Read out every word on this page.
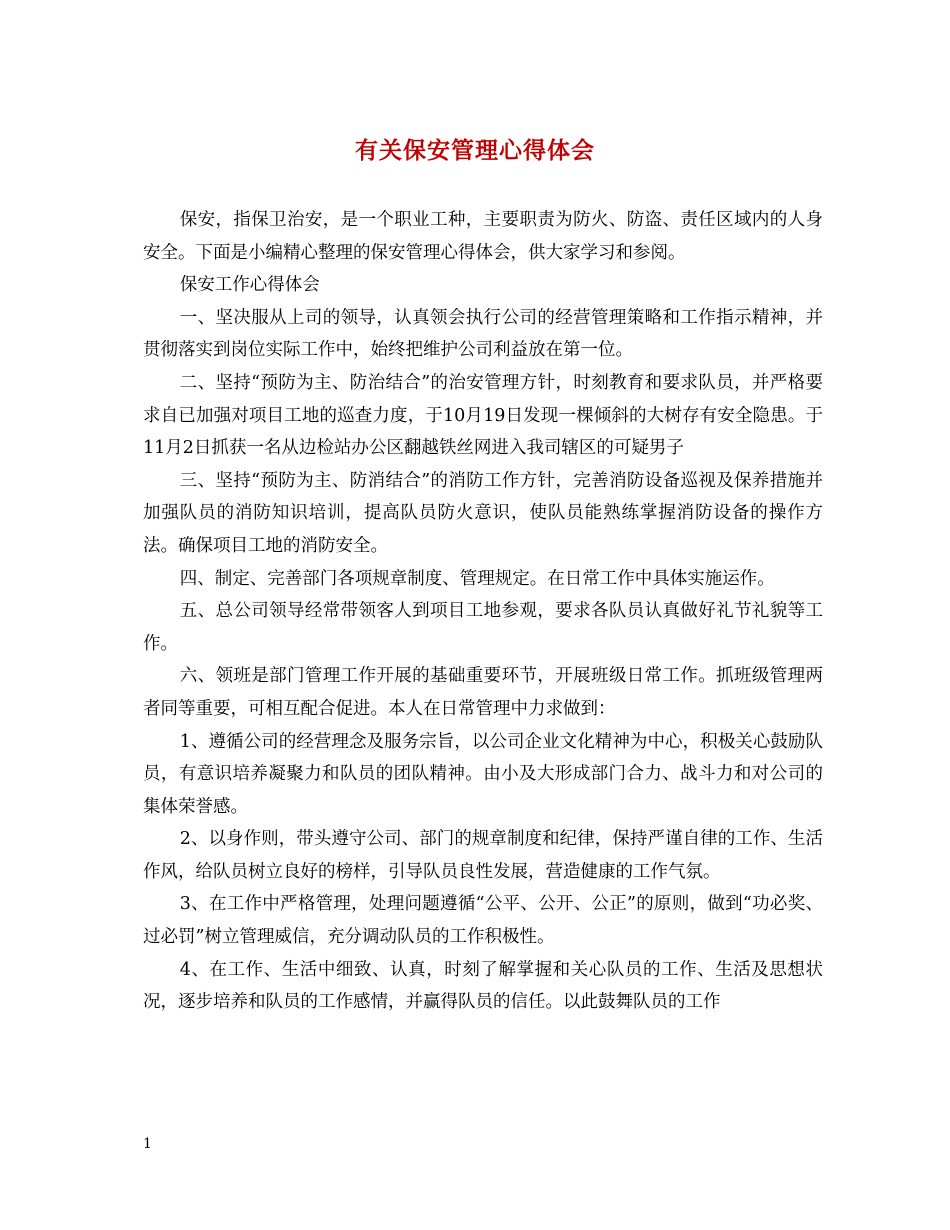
有关保安管理心得体会

保安，指保卫治安，是一个职业工种，主要职责为防火、防盗、责任区域内的人身安全。下面是小编精心整理的保安管理心得体会，供大家学习和参阅。

保安工作心得体会

一、坚决服从上司的领导，认真领会执行公司的经营管理策略和工作指示精神，并贯彻落实到岗位实际工作中，始终把维护公司利益放在第一位。

二、坚持“预防为主、防治结合”的治安管理方针，时刻教育和要求队员，并严格要求自已加强对项目工地的巡查力度，于10月19日发现一棵倾斜的大树存有安全隐患。于11月2日抓获一名从边检站办公区翻越铁丝网进入我司辖区的可疑男子

三、坚持“预防为主、防消结合”的消防工作方针，完善消防设备巡视及保养措施并加强队员的消防知识培训，提高队员防火意识，使队员能熟练掌握消防设备的操作方法。确保项目工地的消防安全。

四、制定、完善部门各项规章制度、管理规定。在日常工作中具体实施运作。

五、总公司领导经常带领客人到项目工地参观，要求各队员认真做好礼节礼貌等工作。

六、领班是部门管理工作开展的基础重要环节，开展班级日常工作。抓班级管理两者同等重要，可相互配合促进。本人在日常管理中力求做到：

1、遵循公司的经营理念及服务宗旨，以公司企业文化精神为中心，积极关心鼓励队员，有意识培养凝聚力和队员的团队精神。由小及大形成部门合力、战斗力和对公司的集体荣誉感。

2、以身作则，带头遵守公司、部门的规章制度和纪律，保持严谨自律的工作、生活作风，给队员树立良好的榜样，引导队员良性发展，营造健康的工作气氛。

3、在工作中严格管理，处理问题遵循“公平、公开、公正”的原则，做到“功必奖、过必罚”树立管理威信，充分调动队员的工作积极性。

4、在工作、生活中细致、认真，时刻了解掌握和关心队员的工作、生活及思想状况，逐步培养和队员的工作感情，并赢得队员的信任。以此鼓舞队员的工作

1
